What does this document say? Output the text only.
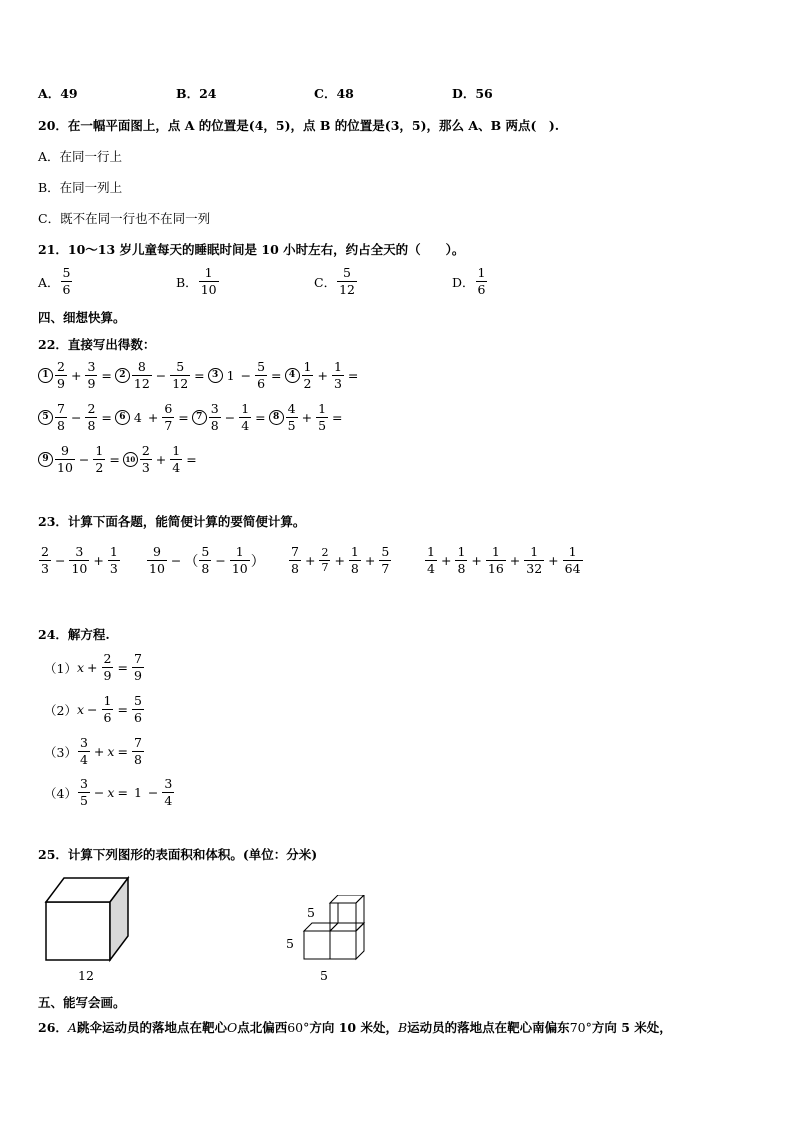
A．49	B．24	C．48	D．56
20．在一幅平面图上，点 A 的位置是(4，5)，点 B 的位置是(3，5)，那么 A、B 两点(　).
A．在同一行上
B．在同一列上
C．既不在同一行也不在同一列
21．10～13 岁儿童每天的睡眠时间是 10 小时左右，约占全天的（　　）。
A． $\frac{5}{6}$	B． $\frac{1}{10}$	C． $\frac{5}{12}$	D． $\frac{1}{6}$
四、细想快算。
22．直接写出得数：
$1 \frac{2}{9} + \frac{3}{9} = 2 \frac{8}{12} - \frac{5}{12} = 3$ $1 - \frac{5}{6} = 4 \frac{1}{2} + \frac{1}{3}$ =
$5 \frac{7}{8} - \frac{2}{8} = 6$ $4 + \frac{6}{7} = 7 \frac{3}{8} - \frac{1}{4} = 8 \frac{4}{5} + \frac{1}{5}$ =
$9 \frac{9}{10} - \frac{1}{2} = 10 \frac{2}{3} + \frac{1}{4}$ =
23．计算下面各题，能简便计算的要简便计算。
$\frac{2}{3} - \frac{3}{10} + \frac{1}{3} \frac{9}{10}$ − （ $\frac{5}{8} - \frac{1}{10}$ ） $\frac{7}{8} + \frac{2}{7} + \frac{1}{8} + \frac{5}{7}$	$\frac{1}{4} + \frac{1}{8} + \frac{1}{16} + \frac{1}{32} + \frac{1}{64}$
24．解方程.
（1） $x + \frac{2}{9} = \frac{7}{9}$
（2） $x - \frac{1}{6} = \frac{5}{6}$
$(3) \frac{3}{4} + x = \frac{7}{8}$
$(4) \frac{3}{5} - x = 1 - \frac{3}{4}$
25．计算下列图形的表面积和体积。(单位：分米)
12
5
5
5
五、能写会画。
26．A跳伞运动员的落地点在靶心O点北偏西60°方向 10 米处，B运动员的落地点在靶心南偏东70°方向 5 米处，
